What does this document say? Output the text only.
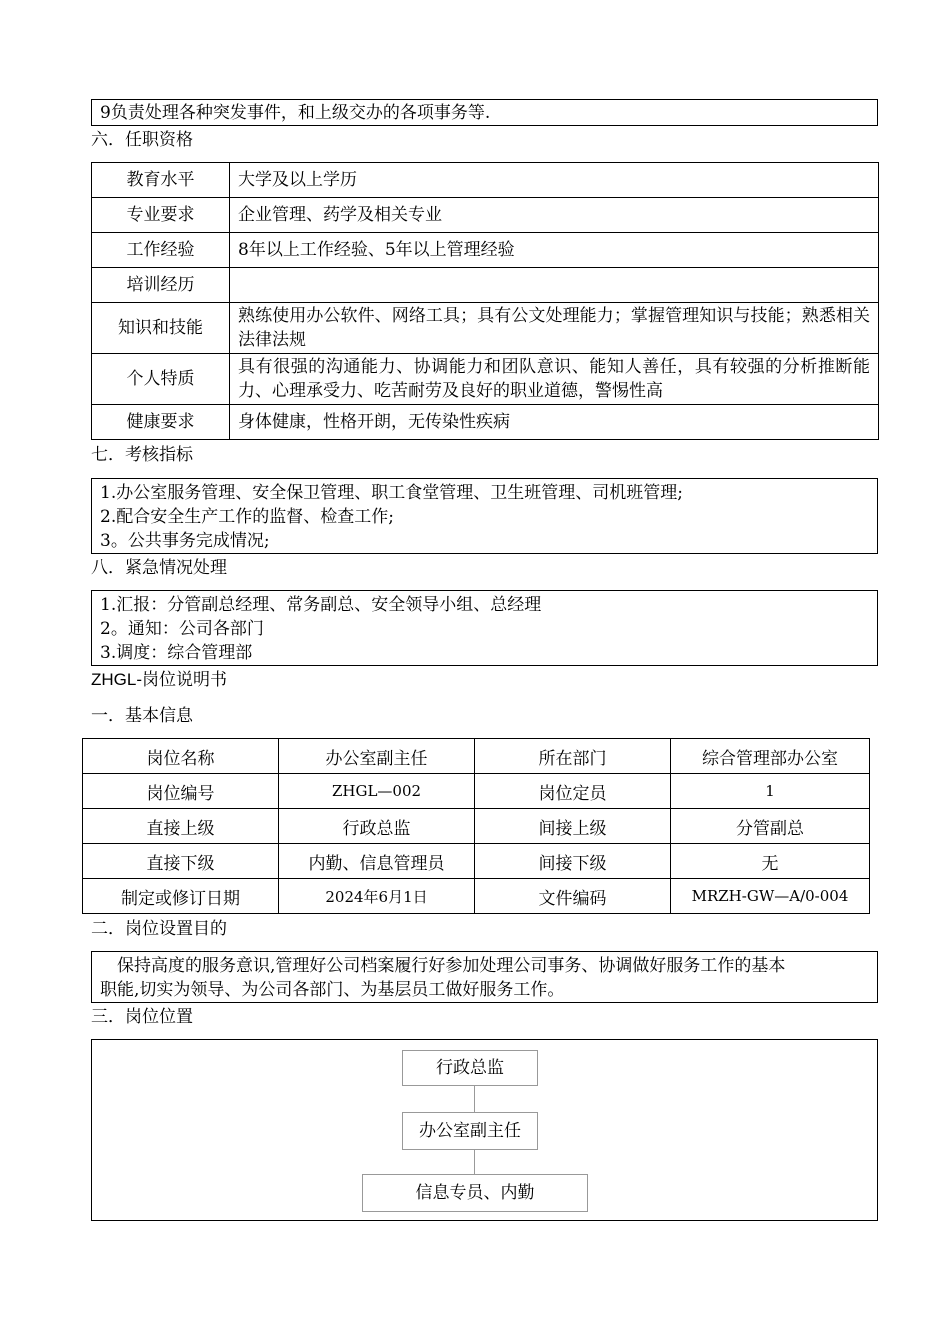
9负责处理各种突发事件，和上级交办的各项事务等.
六．任职资格
教育水平	大学及以上学历
专业要求	企业管理、药学及相关专业
工作经验	8年以上工作经验、5年以上管理经验
培训经历	
知识和技能	熟练使用办公软件、网络工具；具有公文处理能力；掌握管理知识与技能；熟悉相关法律法规
个人特质	具有很强的沟通能力、协调能力和团队意识、能知人善任，具有较强的分析推断能力、心理承受力、吃苦耐劳及良好的职业道德，警惕性高
健康要求	身体健康，性格开朗，无传染性疾病
七．考核指标
1.办公室服务管理、安全保卫管理、职工食堂管理、卫生班管理、司机班管理;
2.配合安全生产工作的监督、检查工作;
3。公共事务完成情况;
八．紧急情况处理
1.汇报：分管副总经理、常务副总、安全领导小组、总经理
2。通知：公司各部门
3.调度：综合管理部
ZHGL-岗位说明书
一．基本信息
岗位名称	办公室副主任	所在部门	综合管理部办公室
岗位编号	ZHGL—002	岗位定员	1
直接上级	行政总监	间接上级	分管副总
直接下级	内勤、信息管理员	间接下级	无
制定或修订日期	2024年6月1日	文件编码	MRZH-GW—A/0-004
二．岗位设置目的
保持高度的服务意识,管理好公司档案履行好参加处理公司事务、协调做好服务工作的基本
职能,切实为领导、为公司各部门、为基层员工做好服务工作。
三．岗位位置
行政总监
办公室副主任
信息专员、内勤
